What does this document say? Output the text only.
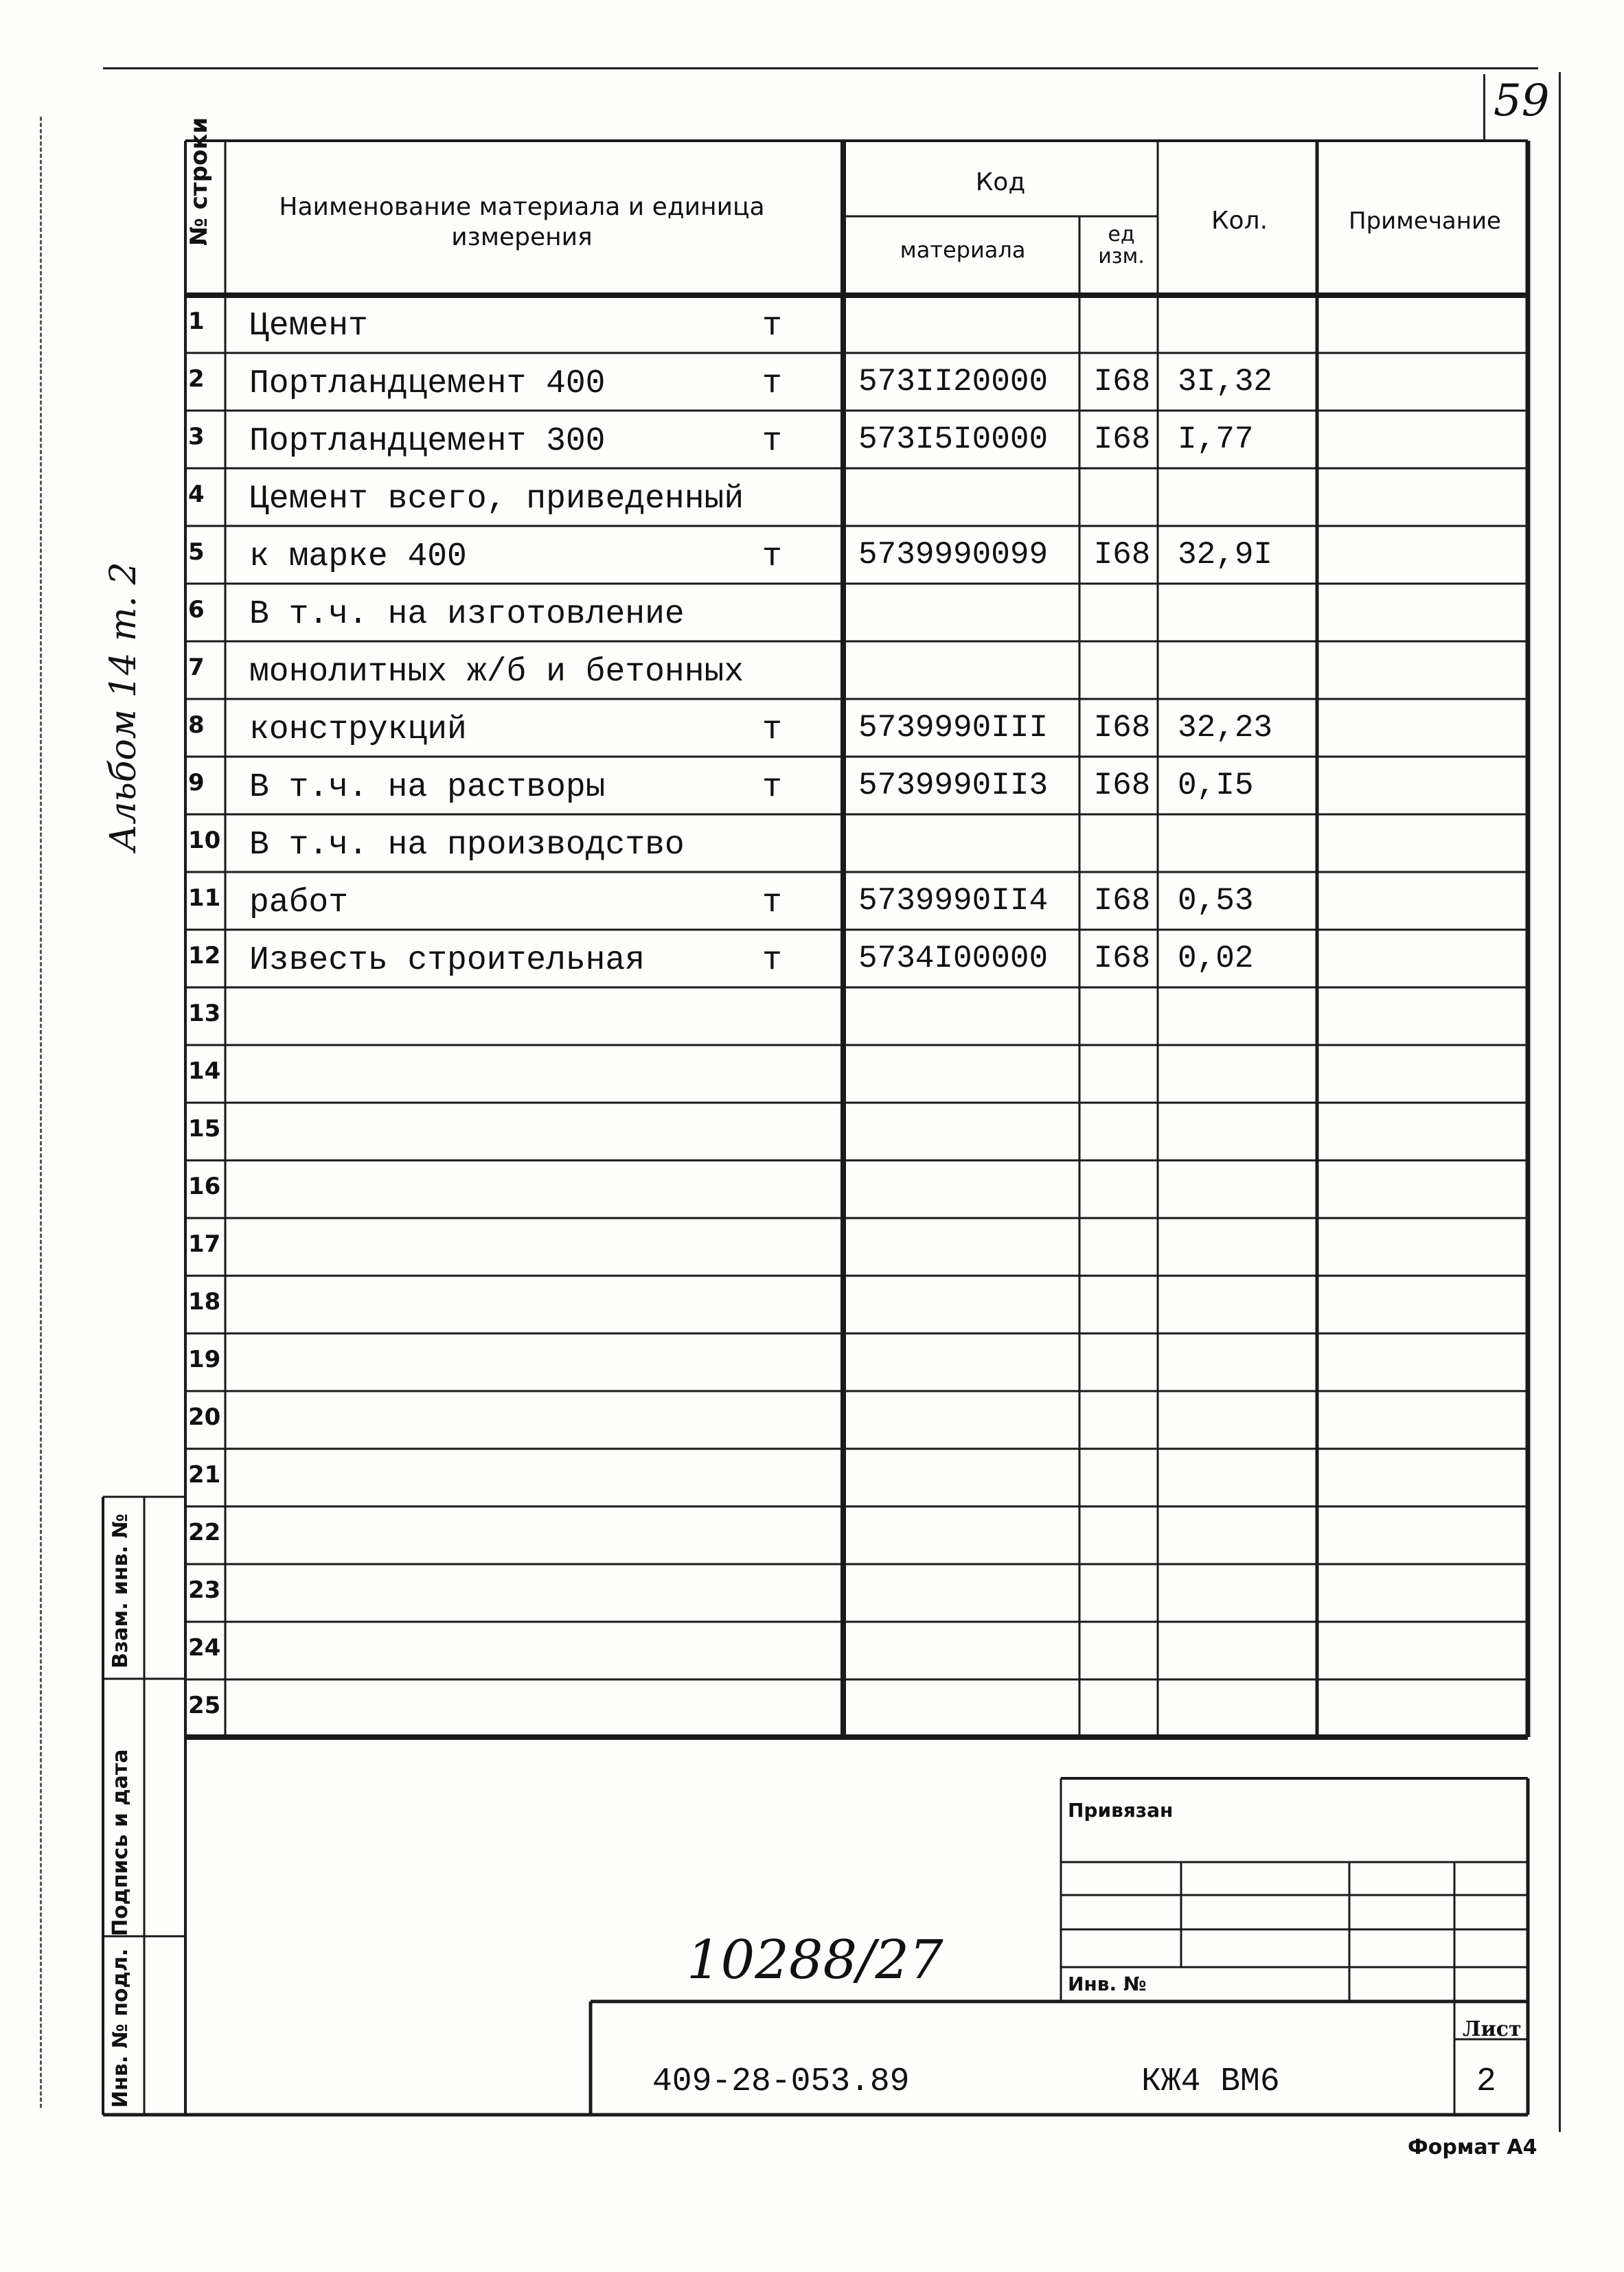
59
Альбом 14 т. 2
№ строки	Наименование материала и единица измерения
Код
материала
ед изм.
Кол.	Примечание
1	Цемент	т
2	Портландцемент 400	т 573II20000	I68 3I,32
3	Портландцемент 300	т 573I5I0000	I68 I,77
4	Цемент всего, приведенный
5	к марке 400	т 5739990099	I68 32,9I
6	В т.ч. на изготовление
7	монолитных ж/б и бетонных
8	конструкций	т 5739990III	I68 32,23
9	В т.ч. на растворы	т 5739990II3	I68 0,I5
10 В т.ч. на производство
11 работ	т 5739990II4	I68 0,53
12 Известь строительная	т 5734I00000	I68 0,02
13
14
15
16
17
18
19
20
21
22
23
24
25
Взам. инв. №
Подпись и дата
Инв. № подл.
Привязан
Инв. №
10288/27
409-28-053.89	КЖ4 ВМ6
Лист
2
Формат А4
